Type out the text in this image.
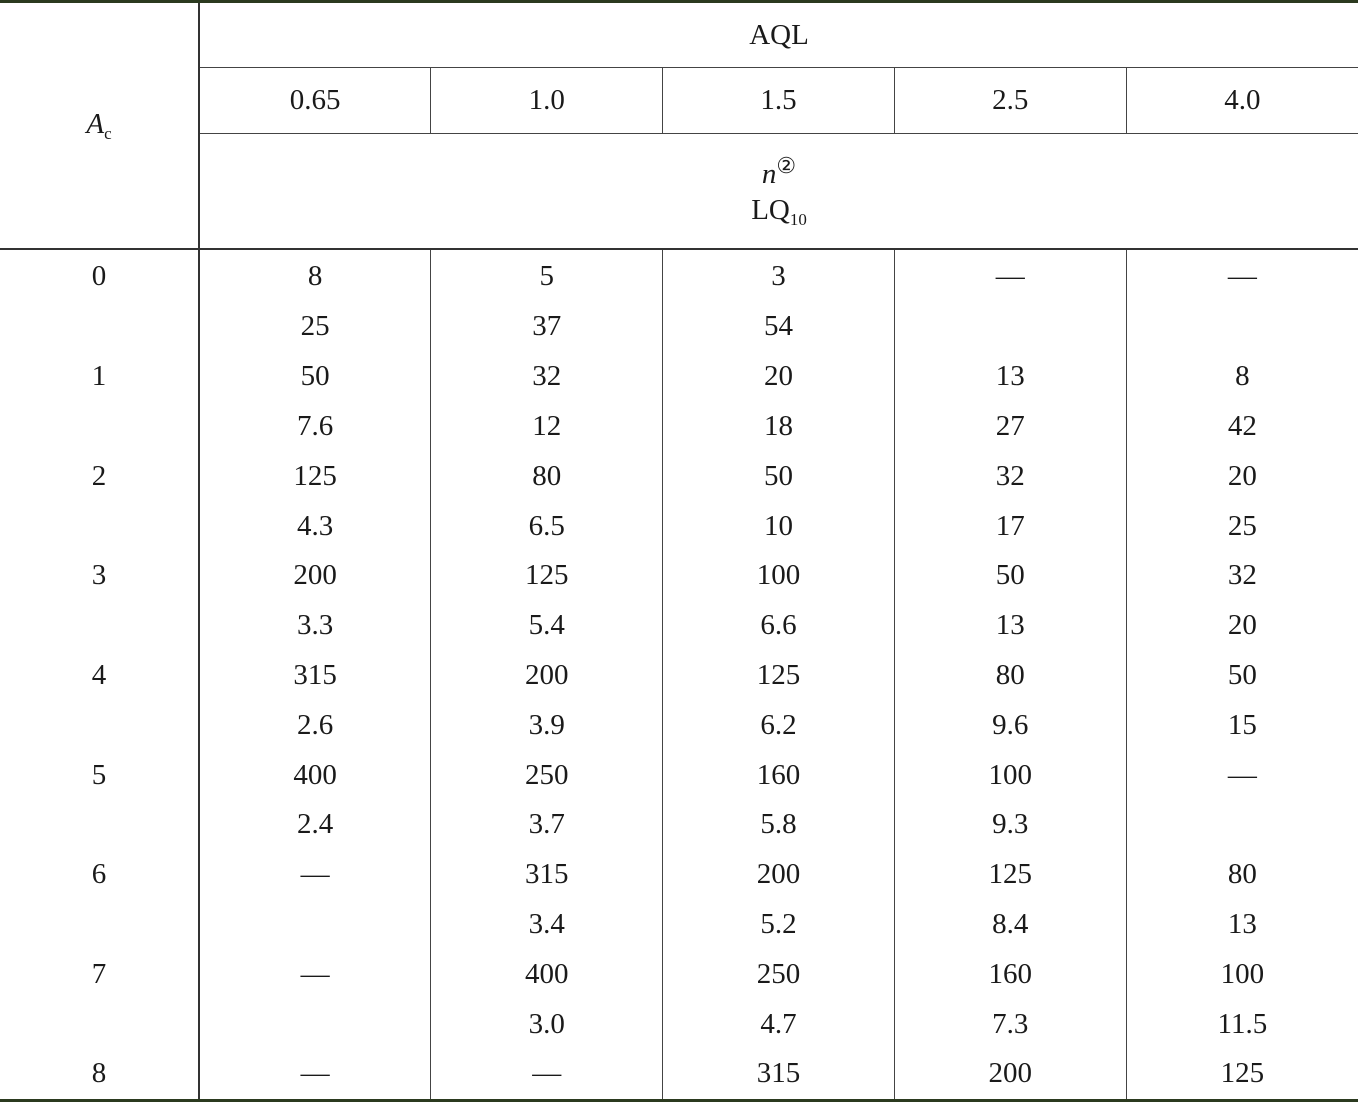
$A_c$	AQL				
	0.65	1.0	1.5	2.5	4.0

	n②
$LQ_{10}$

0	8	5	3	—	—
	25	37	54		
1	50	32	20	13	8
	7.6	12	18	27	42
2	125	80	50	32	20
	4.3	6.5	10	17	25
3	200	125	100	50	32
	3.3	5.4	6.6	13	20
4	315	200	125	80	50
	2.6	3.9	6.2	9.6	15
5	400	250	160	100	—
	2.4	3.7	5.8	9.3	
6	—	315	200	125	80
		3.4	5.2	8.4	13
7	—	400	250	160	100
		3.0	4.7	7.3	11.5
8	—	—	315	200	125
